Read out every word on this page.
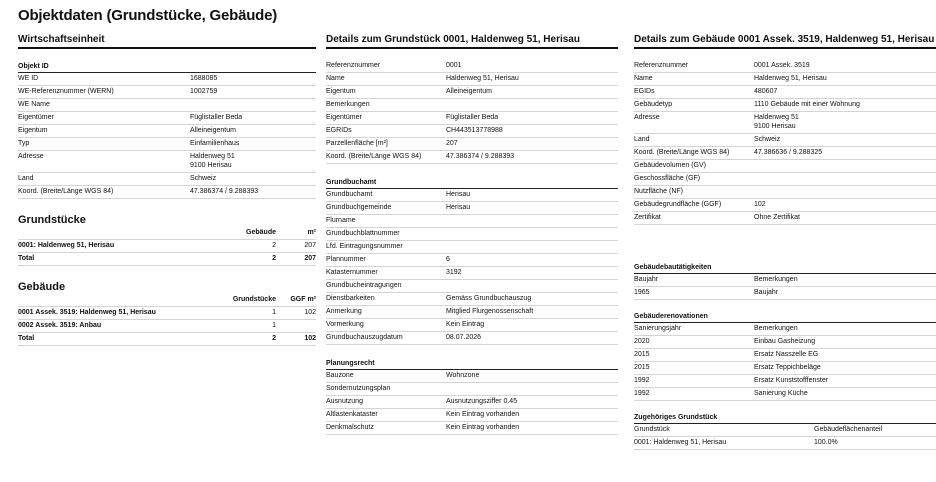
Objektdaten (Grundstücke, Gebäude)
Wirtschaftseinheit
Objekt ID
WE ID	1688085
WE-Referenznummer (WERN)	1002759
WE Name	
Eigentümer	Füglistaller Beda
Eigentum	Alleineigentum
Typ	Einfamilienhaus
Adresse	Haldenweg 51
9100 Herisau
Land	Schweiz
Koord. (Breite/Länge WGS 84)	47.386374 / 9.288393
Grundstücke
	Gebäude	m²
0001: Haldenweg 51, Herisau	2	207
Total	2	207
Gebäude
	Grundstücke	GGF m²
0001 Assek. 3519: Haldenweg 51, Herisau	1	102
0002 Assek. 3519: Anbau	1	
Total	2	102
Details zum Grundstück 0001, Haldenweg 51, Herisau
Referenznummer	0001
Name	Haldenweg 51, Herisau
Eigentum	Alleineigentum
Bemerkungen	
Eigentümer	Füglistaller Beda
EGRIDs	CH443513778988
Parzellenfläche [m²]	207
Koord. (Breite/Länge WGS 84)	47.386374 / 9.288393
Grundbuchamt
Grundbuchamt	Herisau
Grundbuchgemeinde	Herisau
Flurname	
Grundbuchblattnummer	
Lfd. Eintragungsnummer	
Plannummer	6
Katasternummer	3192
Grundbucheintragungen	
Dienstbarkeiten	Gemäss Grundbuchauszug
Anmerkung	Mitglied Flurgenossenschaft
Vormerkung	Kein Eintrag
Grundbuchauszugdatum	08.07.2026
Planungsrecht
Bauzone	Wohnzone
Sondernutzungsplan	
Ausnutzung	Ausnutzungsziffer 0.45
Altlastenkataster	Kein Eintrag vorhanden
Denkmalschutz	Kein Eintrag vorhanden
Details zum Gebäude 0001 Assek. 3519, Haldenweg 51, Herisau
Referenznummer	0001 Assek. 3519
Name	Haldenweg 51, Herisau
EGIDs	480607
Gebäudetyp	1110 Gebäude mit einer Wohnung
Adresse	Haldenweg 51
9100 Herisau
Land	Schweiz
Koord. (Breite/Länge WGS 84)	47.386636 / 9.288325
Gebäudevolumen (GV)	
Geschossfläche (GF)	
Nutzfläche (NF)	
Gebäudegrundfläche (GGF)	102
Zertifikat	Ohne Zertifikat
Gebäudebautätigkeiten
Baujahr	Bemerkungen
1965	Baujahr
Gebäuderenovationen
Sanierungsjahr	Bemerkungen
2020	Einbau Gasheizung
2015	Ersatz Nasszelle EG
2015	Ersatz Teppichbeläge
1992	Ersatz Kunststofffenster
1992	Sanierung Küche
Zugehöriges Grundstück
Grundstück	Gebäudeflächenanteil
0001: Haldenweg 51, Herisau	100.0%
